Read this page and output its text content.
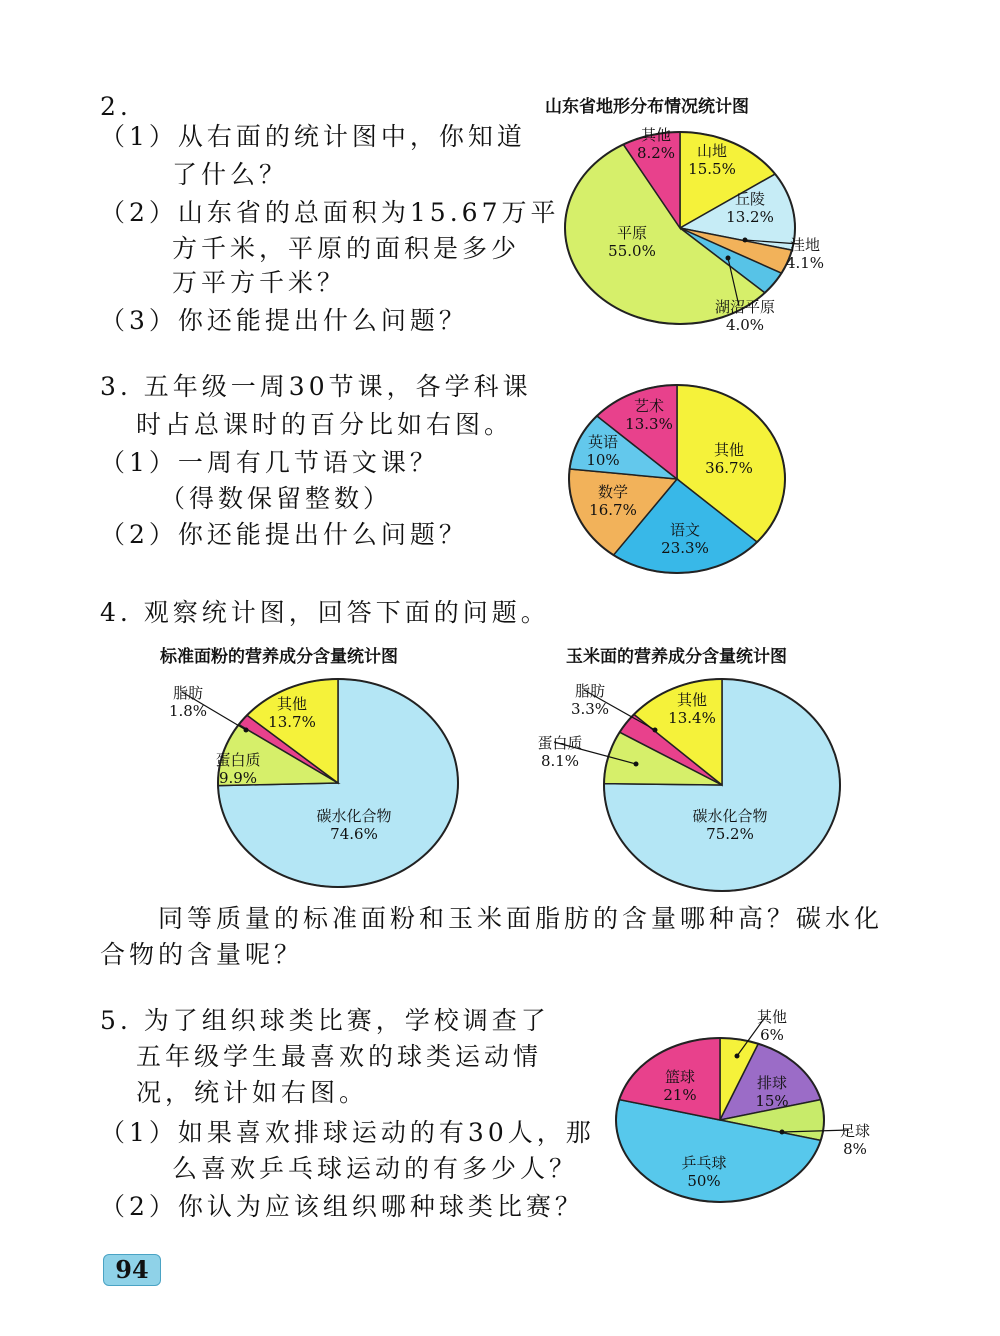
2.
（1）从右面的统计图中，你知道
了什么？
（2）山东省的总面积为15.67万平
方千米，平原的面积是多少
万平方千米？
（3）你还能提出什么问题？
山东省地形分布情况统计图
山地
15.5%
丘陵
13.2%
洼地
4.1%
湖沼平原
4.0%
平原
55.0%
其他
8.2%
3. 五年级一周30节课，各学科课
时占总课时的百分比如右图。
（1）一周有几节语文课？
（得数保留整数）
（2）你还能提出什么问题？
其他
36.7%
语文
23.3%
数学
16.7%
英语
10%
艺术
13.3%
4. 观察统计图，回答下面的问题。
标准面粉的营养成分含量统计图	玉米面的营养成分含量统计图
碳水化合物
74.6%
蛋白质
9.9%
脂肪
1.8%	其他
13.7%
碳水化合物
75.2%
蛋白质
8.1%
脂肪
3.3%	其他
13.4%
同等质量的标准面粉和玉米面脂肪的含量哪种高？碳水化
合物的含量呢？
5. 为了组织球类比赛，学校调查了
五年级学生最喜欢的球类运动情
况，统计如右图。
（1）如果喜欢排球运动的有30人，那
么喜欢乒乓球运动的有多少人？
（2）你认为应该组织哪种球类比赛？
其他
6%
排球
15%
足球
8%
乒乓球
50%
篮球
21%
94
